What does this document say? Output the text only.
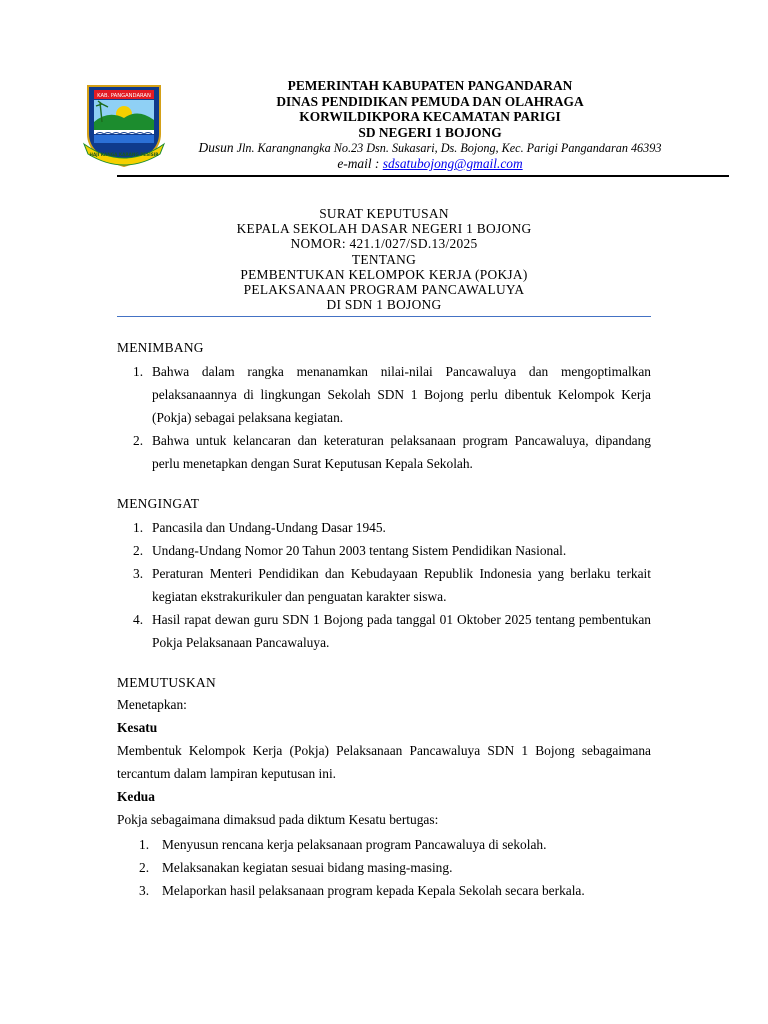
KAB. PANGANDARAN
HAJI KANGA KARANG PESISIR
PEMERINTAH KABUPATEN PANGANDARAN
DINAS PENDIDIKAN PEMUDA DAN OLAHRAGA
KORWILDIKPORA KECAMATAN PARIGI
SD NEGERI 1 BOJONG
Dusun Jln. Karangnangka No.23 Dsn. Sukasari, Ds. Bojong, Kec. Parigi Pangandaran 46393
e-mail : sdsatubojong@gmail.com
SURAT KEPUTUSAN
KEPALA SEKOLAH DASAR NEGERI 1 BOJONG
NOMOR: 421.1/027/SD.13/2025
TENTANG
PEMBENTUKAN KELOMPOK KERJA (POKJA)
PELAKSANAAN PROGRAM PANCAWALUYA
DI SDN 1 BOJONG
MENIMBANG
1. Bahwa dalam rangka menanamkan nilai-nilai Pancawaluya dan mengoptimalkan pelaksanaannya di lingkungan Sekolah SDN 1 Bojong perlu dibentuk Kelompok Kerja (Pokja) sebagai pelaksana kegiatan.
2. Bahwa untuk kelancaran dan keteraturan pelaksanaan program Pancawaluya, dipandang perlu menetapkan dengan Surat Keputusan Kepala Sekolah.
MENGINGAT
1. Pancasila dan Undang-Undang Dasar 1945.
2. Undang-Undang Nomor 20 Tahun 2003 tentang Sistem Pendidikan Nasional.
3. Peraturan Menteri Pendidikan dan Kebudayaan Republik Indonesia yang berlaku terkait kegiatan ekstrakurikuler dan penguatan karakter siswa.
4. Hasil rapat dewan guru SDN 1 Bojong pada tanggal 01 Oktober 2025 tentang pembentukan Pokja Pelaksanaan Pancawaluya.
MEMUTUSKAN
Menetapkan:
Kesatu
Membentuk Kelompok Kerja (Pokja) Pelaksanaan Pancawaluya SDN 1 Bojong sebagaimana tercantum dalam lampiran keputusan ini.
Kedua
Pokja sebagaimana dimaksud pada diktum Kesatu bertugas:
1. Menyusun rencana kerja pelaksanaan program Pancawaluya di sekolah.
2. Melaksanakan kegiatan sesuai bidang masing-masing.
3. Melaporkan hasil pelaksanaan program kepada Kepala Sekolah secara berkala.
